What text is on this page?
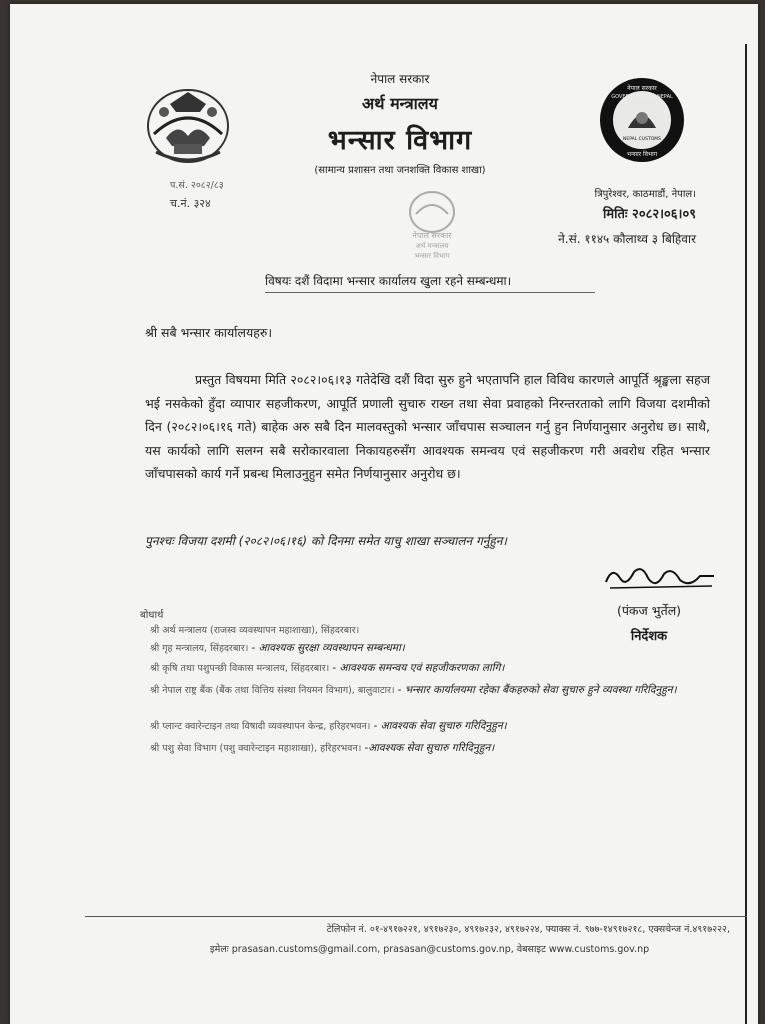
नेपाल सरकार
GOVERNMENT OF NEPAL
NEPAL CUSTOMS
भन्सार विभाग
नेपाल सरकार
अर्थ मन्त्रालय
भन्सार विभाग
(सामान्य प्रशासन तथा जनशक्ति विकास शाखा)
प.सं. २०८२/८३
च.नं. ३२४
नेपाल सरकार
अर्थ मन्त्रालय
भन्सार विभाग
त्रिपुरेश्वर, काठमाडौं, नेपाल।
मितिः २०८२।०६।०९
ने.सं. ११४५ कौलाथ्व ३ बिहिवार
विषयः दशैं विदामा भन्सार कार्यालय खुला रहने सम्बन्धमा।
श्री सबै भन्सार कार्यालयहरु।
प्रस्तुत विषयमा मिति २०८२।०६।१३ गतेदेखि दशैं विदा सुरु हुने भएतापनि हाल विविध कारणले आपूर्ति श्रृङ्खला सहज भई नसकेको हुँदा व्यापार सहजीकरण, आपूर्ति प्रणाली सुचारु राख्न तथा सेवा प्रवाहको निरन्तरताको लागि विजया दशमीको दिन (२०८२।०६।१६ गते) बाहेक अरु सबै दिन मालवस्तुको भन्सार जाँचपास सञ्चालन गर्नु हुन निर्णयानुसार अनुरोध छ। साथै, यस कार्यको लागि सलग्न सबै सरोकारवाला निकायहरुसँग आवश्यक समन्वय एवं सहजीकरण गरी अवरोध रहित भन्सार जाँचपासको कार्य गर्ने प्रबन्ध मिलाउनुहुन समेत निर्णयानुसार अनुरोध छ।
पुनश्चः विजया दशमी (२०८२।०६।१६) को दिनमा समेत याचु शाखा सञ्चालन गर्नुहुन।
(पंकज भुर्तेल)
निर्देशक
बोधार्थ
श्री अर्थ मन्त्रालय (राजस्व व्यवस्थापन महाशाखा), सिंहदरबार।
श्री गृह मन्त्रालय, सिंहदरबार। - आवश्यक सुरक्षा व्यवस्थापन सम्बन्धमा।
श्री कृषि तथा पशुपन्छी विकास मन्त्रालय, सिंहदरबार। - आवश्यक समन्वय एवं सहजीकरणका लागि।
श्री नेपाल राष्ट्र बैंक (बैंक तथा वित्तिय संस्था नियमन विभाग), बालुवाटार। - भन्सार कार्यालयमा रहेका बैंकहरुको सेवा सुचारु हुने व्यवस्था गरिदिनुहुन।
श्री प्लान्ट क्वारेन्टाइन तथा विषादी व्यवस्थापन केन्द्र, हरिहरभवन। - आवश्यक सेवा सुचारु गरिदिनुहुन।
श्री पशु सेवा विभाग (पशु क्वारेन्टाइन महाशाखा), हरिहरभवन। -आवश्यक सेवा सुचारु गरिदिनुहुन।
टेलिफोन नं. ०१-४९१७२२१, ४९१७२३०, ४९१७२३२, ४९१७२२४, फ्याक्स नं. ९७७-१४९१७२१८, एक्सचेन्ज नं.४९१७२२२,
इमेलः prasasan.customs@gmail.com, prasasan@customs.gov.np, वेबसाइट www.customs.gov.np
